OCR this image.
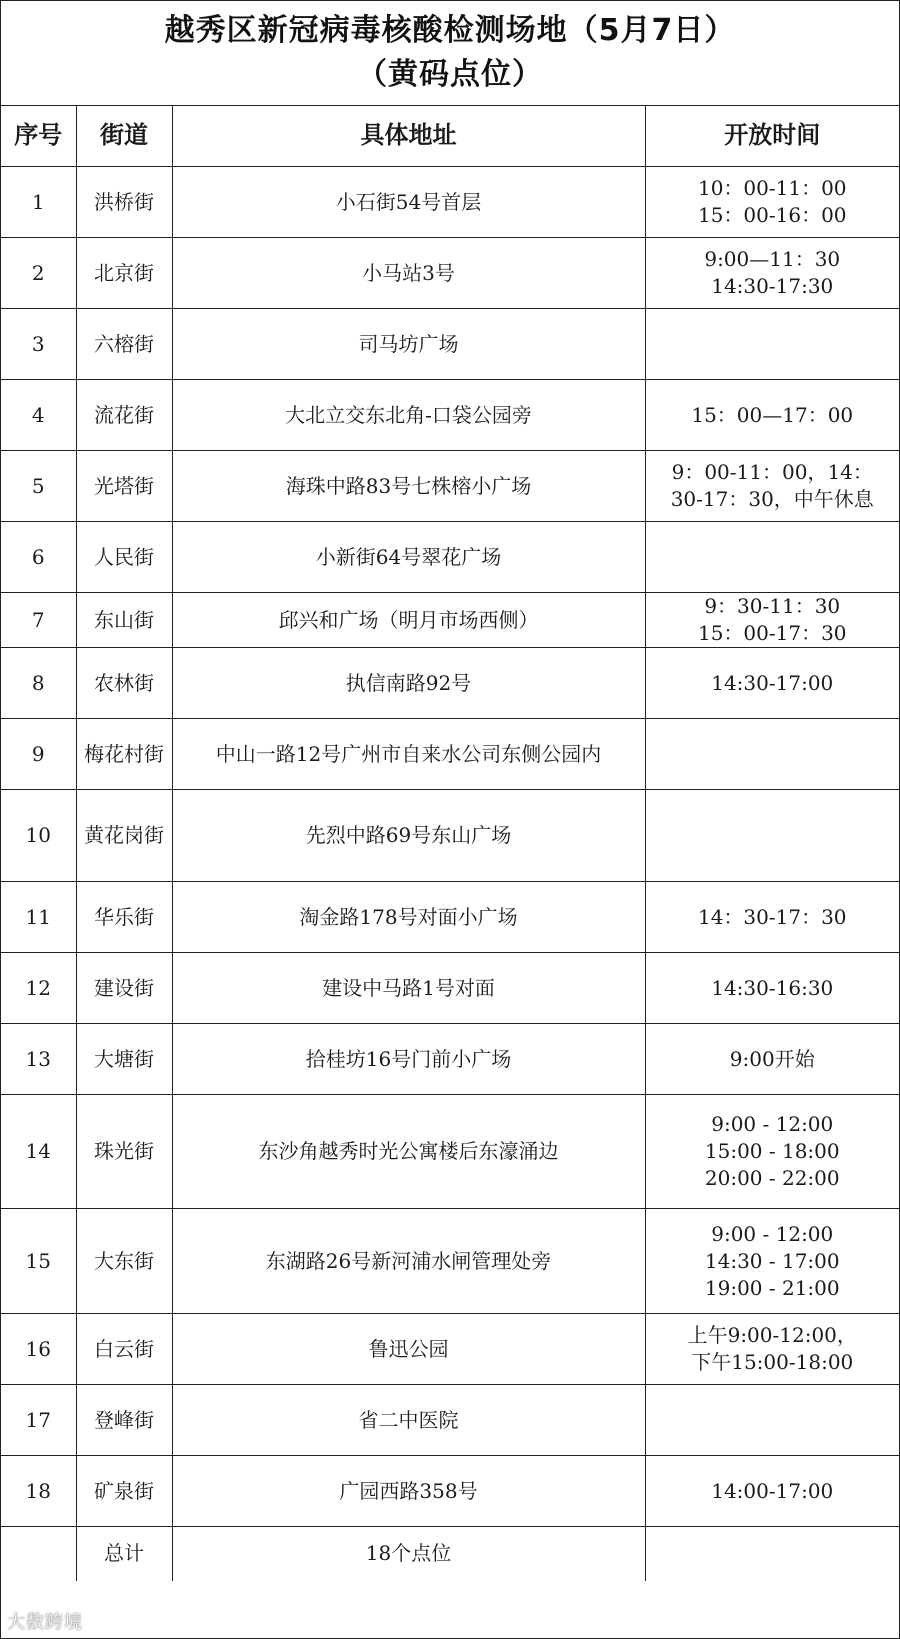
越秀区新冠病毒核酸检测场地（5月7日）
（黄码点位）
序号	街道	具体地址	开放时间
1	洪桥街	小石街54号首层	10：00-11：00
15：00-16：00

2	北京街	小马站3号	9:00—11：30
14:30-17:30

3	六榕街	司马坊广场	
4	流花街	大北立交东北角-口袋公园旁	15：00—17：00

5	光塔街	海珠中路83号七株榕小广场	9：00-11：00，14：
30-17：30，中午休息

6	人民街	小新街64号翠花广场	
7	东山街	邱兴和广场（明月市场西侧）	9：30-11：30
15：00-17：30

8	农林街	执信南路92号	14:30-17:00

9	梅花村街	中山一路12号广州市自来水公司东侧公园内	
10	黄花岗街	先烈中路69号东山广场	
11	华乐街	淘金路178号对面小广场	14：30-17：30

12	建设街	建设中马路1号对面	14:30-16:30

13	大塘街	拾桂坊16号门前小广场	9:00开始

14	珠光街	东沙角越秀时光公寓楼后东濠涌边	9:00 - 12:00
15:00 - 18:00
20:00 - 22:00

15	大东街	东湖路26号新河浦水闸管理处旁	9:00 - 12:00
14:30 - 17:00
19:00 - 21:00

16	白云街	鲁迅公园	上午9:00-12:00，
下午15:00-18:00

17	登峰街	省二中医院	
18	矿泉街	广园西路358号	14:00-17:00

	总计	18个点位	
大数跨境
